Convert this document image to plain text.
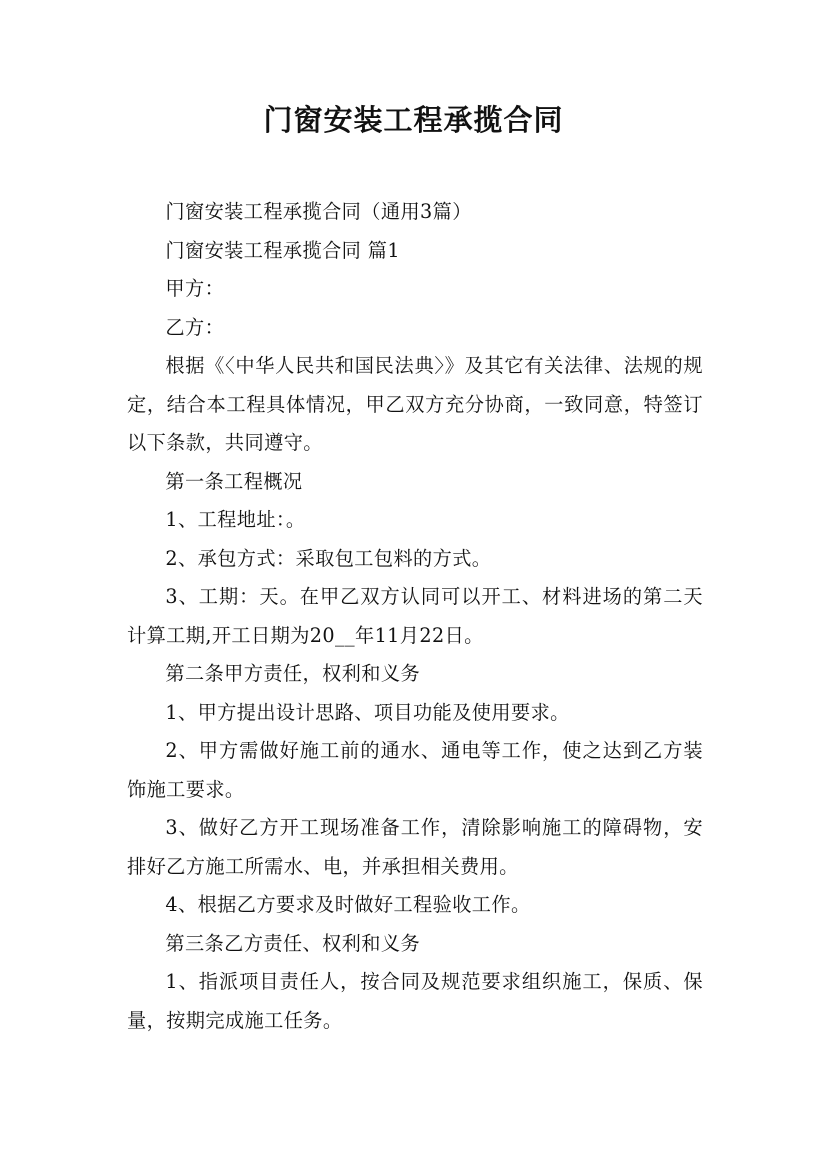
门窗安装工程承揽合同

门窗安装工程承揽合同（通用3篇）

门窗安装工程承揽合同 篇1

甲方：

乙方：

根据《〈中华人民共和国民法典〉》及其它有关法律、法规的规定，结合本工程具体情况，甲乙双方充分协商，一致同意，特签订以下条款，共同遵守。

第一条工程概况

1、工程地址：。

2、承包方式：采取包工包料的方式。

3、工期：天。在甲乙双方认同可以开工、材料进场的第二天计算工期,开工日期为20__年11月22日。

第二条甲方责任，权利和义务

1、甲方提出设计思路、项目功能及使用要求。

2、甲方需做好施工前的通水、通电等工作，使之达到乙方装饰施工要求。

3、做好乙方开工现场准备工作，清除影响施工的障碍物，安排好乙方施工所需水、电，并承担相关费用。

4、根据乙方要求及时做好工程验收工作。

第三条乙方责任、权利和义务

1、指派项目责任人，按合同及规范要求组织施工，保质、保量，按期完成施工任务。
